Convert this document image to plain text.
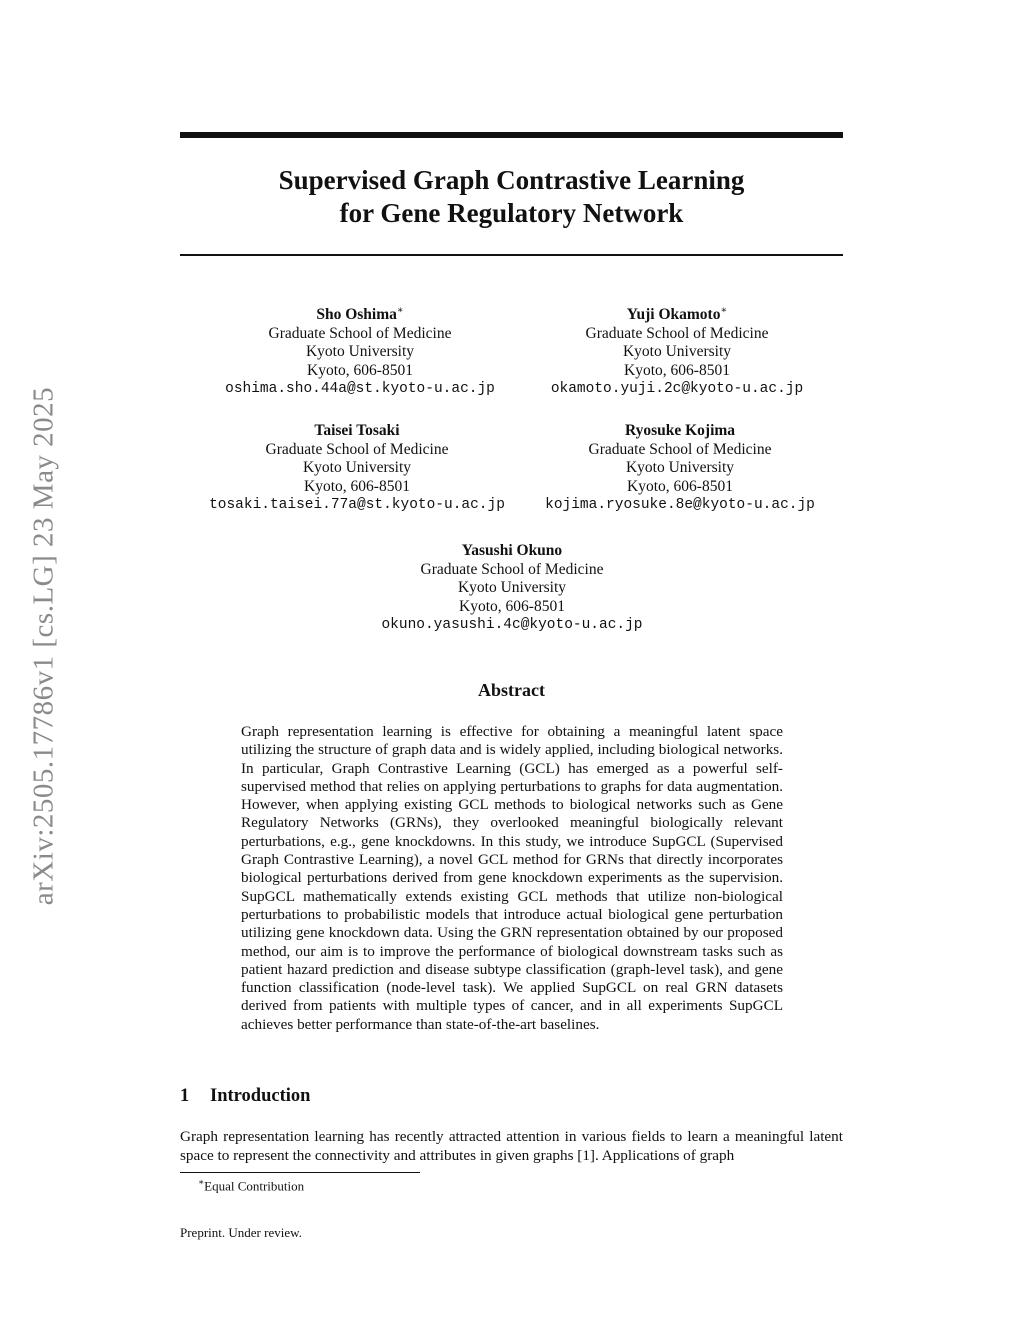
arXiv:2505.17786v1 [cs.LG] 23 May 2025
Supervised Graph Contrastive Learning
for Gene Regulatory Network
Sho Oshima∗
Graduate School of Medicine
Kyoto University
Kyoto, 606-8501
oshima.sho.44a@st.kyoto-u.ac.jp
Yuji Okamoto∗
Graduate School of Medicine
Kyoto University
Kyoto, 606-8501
okamoto.yuji.2c@kyoto-u.ac.jp
Taisei Tosaki
Graduate School of Medicine
Kyoto University
Kyoto, 606-8501
tosaki.taisei.77a@st.kyoto-u.ac.jp
Ryosuke Kojima
Graduate School of Medicine
Kyoto University
Kyoto, 606-8501
kojima.ryosuke.8e@kyoto-u.ac.jp
Yasushi Okuno
Graduate School of Medicine
Kyoto University
Kyoto, 606-8501
okuno.yasushi.4c@kyoto-u.ac.jp
Abstract
Graph representation learning is effective for obtaining a meaningful latent space utilizing the structure of graph data and is widely applied, including biological networks. In particular, Graph Contrastive Learning (GCL) has emerged as a powerful self-supervised method that relies on applying perturbations to graphs for data augmentation. However, when applying existing GCL methods to biological networks such as Gene Regulatory Networks (GRNs), they overlooked meaningful biologically relevant perturbations, e.g., gene knockdowns. In this study, we introduce SupGCL (Supervised Graph Contrastive Learning), a novel GCL method for GRNs that directly incorporates biological perturbations derived from gene knockdown experiments as the supervision. SupGCL mathematically extends existing GCL methods that utilize non-biological perturbations to probabilistic models that introduce actual biological gene perturbation utilizing gene knockdown data. Using the GRN representation obtained by our proposed method, our aim is to improve the performance of biological downstream tasks such as patient hazard prediction and disease subtype classification (graph-level task), and gene function classification (node-level task). We applied SupGCL on real GRN datasets derived from patients with multiple types of cancer, and in all experiments SupGCL achieves better performance than state-of-the-art baselines.
1 Introduction
Graph representation learning has recently attracted attention in various fields to learn a meaningful latent space to represent the connectivity and attributes in given graphs [1]. Applications of graph
∗Equal Contribution
Preprint. Under review.
